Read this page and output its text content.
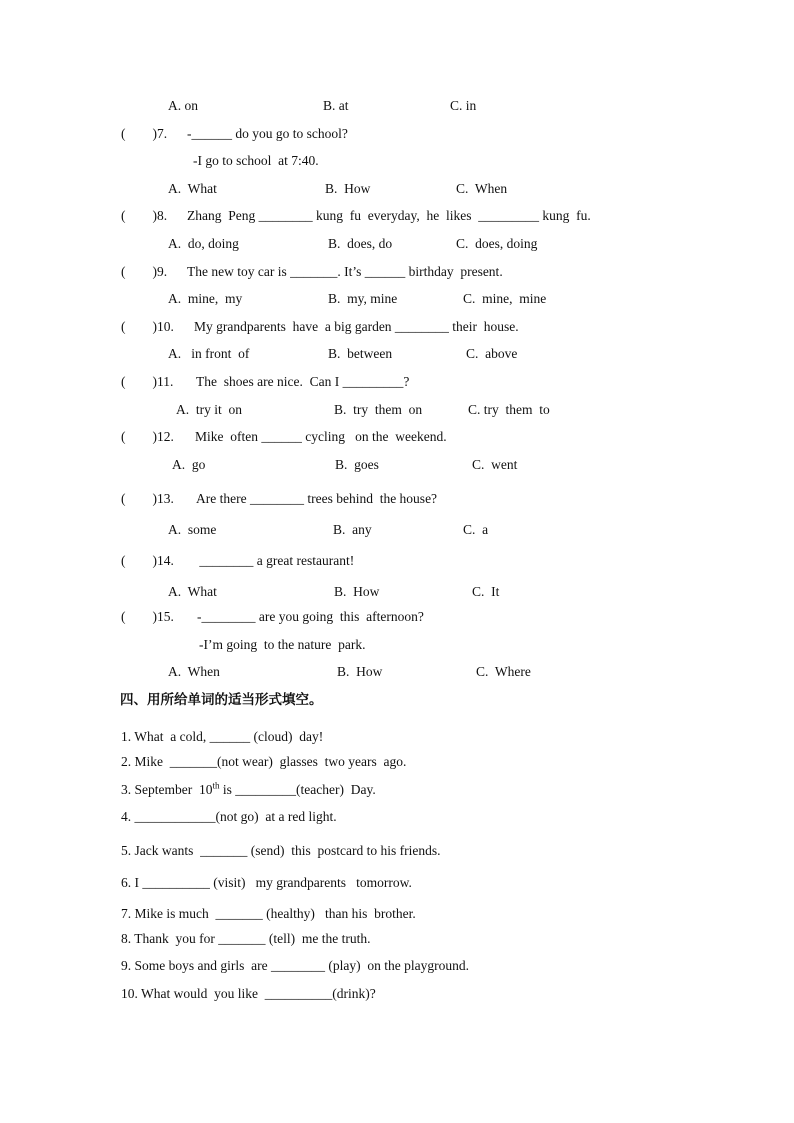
A. on	B. at	C. in
(        )7. -______ do you go to school?
-I go to school  at 7:40.
A.  What	B.  How	C.  When
(        )8. Zhang  Peng ________ kung  fu  everyday,  he  likes  _________ kung  fu.
A.  do, doing	B.  does, do	C.  does, doing
(        )9. The new toy car is _______. It’s ______ birthday  present.
A.  mine,  my	B.  my, mine	C.  mine,  mine
(        )10. My grandparents  have  a big garden ________ their  house.
A.   in front  of	B.  between	C.  above
(        )11. The  shoes are nice.  Can I _________?
A.  try it  on	B.  try  them  on	C. try  them  to
(        )12. Mike  often ______ cycling   on the  weekend.
A.  go	B.  goes	C.  went
(        )13. Are there ________ trees behind  the house?
A.  some	B.  any	C.  a
(        )14. ________ a great restaurant!
A.  What	B.  How	C.  It
(        )15. -________ are you going  this  afternoon?
-I’m going  to the nature  park.
A.  When	B.  How	C.  Where
四、用所给单词的适当形式填空。
1. What  a cold, ______ (cloud)  day!
2. Mike  _______(not wear)  glasses  two years  ago.
3. September  10th is _________(teacher)  Day.
4. ____________(not go)  at a red light.
5. Jack wants  _______ (send)  this  postcard to his friends.
6. I __________ (visit)   my grandparents   tomorrow.
7. Mike is much  _______ (healthy)   than his  brother.
8. Thank  you for _______ (tell)  me the truth.
9. Some boys and girls  are ________ (play)  on the playground.
10. What would  you like  __________(drink)?
